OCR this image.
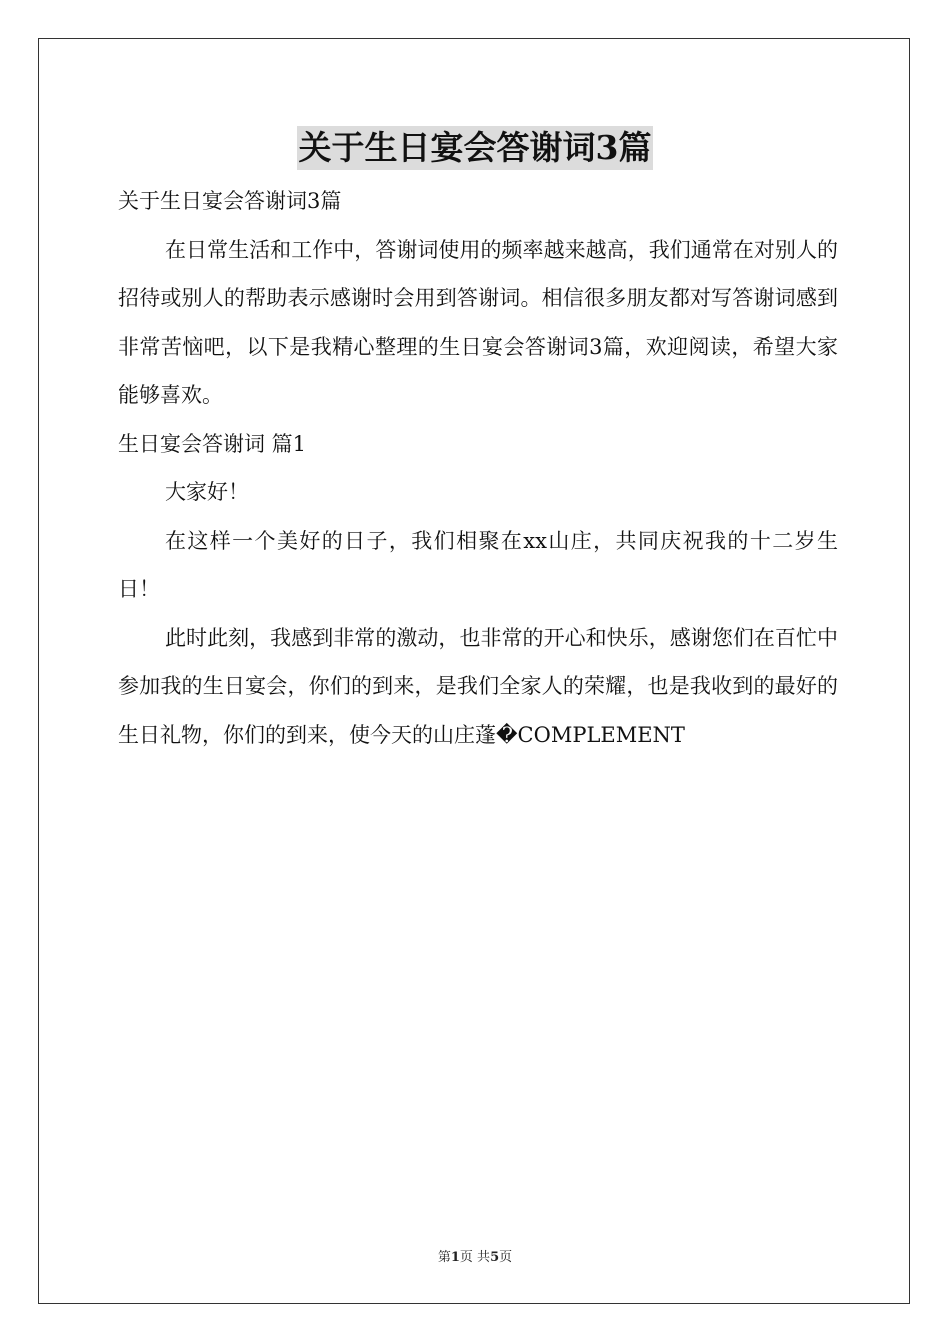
关于生日宴会答谢词3篇
关于生日宴会答谢词3篇
在日常生活和工作中，答谢词使用的频率越来越高，我们通常在对别人的招待或别人的帮助表示感谢时会用到答谢词。相信很多朋友都对写答谢词感到非常苦恼吧，以下是我精心整理的生日宴会答谢词3篇，欢迎阅读，希望大家能够喜欢。
生日宴会答谢词 篇1
大家好！
在这样一个美好的日子，我们相聚在xx山庄，共同庆祝我的十二岁生日！
此时此刻，我感到非常的激动，也非常的开心和快乐，感谢您们在百忙中参加我的生日宴会，你们的到来，是我们全家人的荣耀，也是我收到的最好的生日礼物，你们的到来，使今天的山庄蓬�COMPLEMENT
第1页 共5页
